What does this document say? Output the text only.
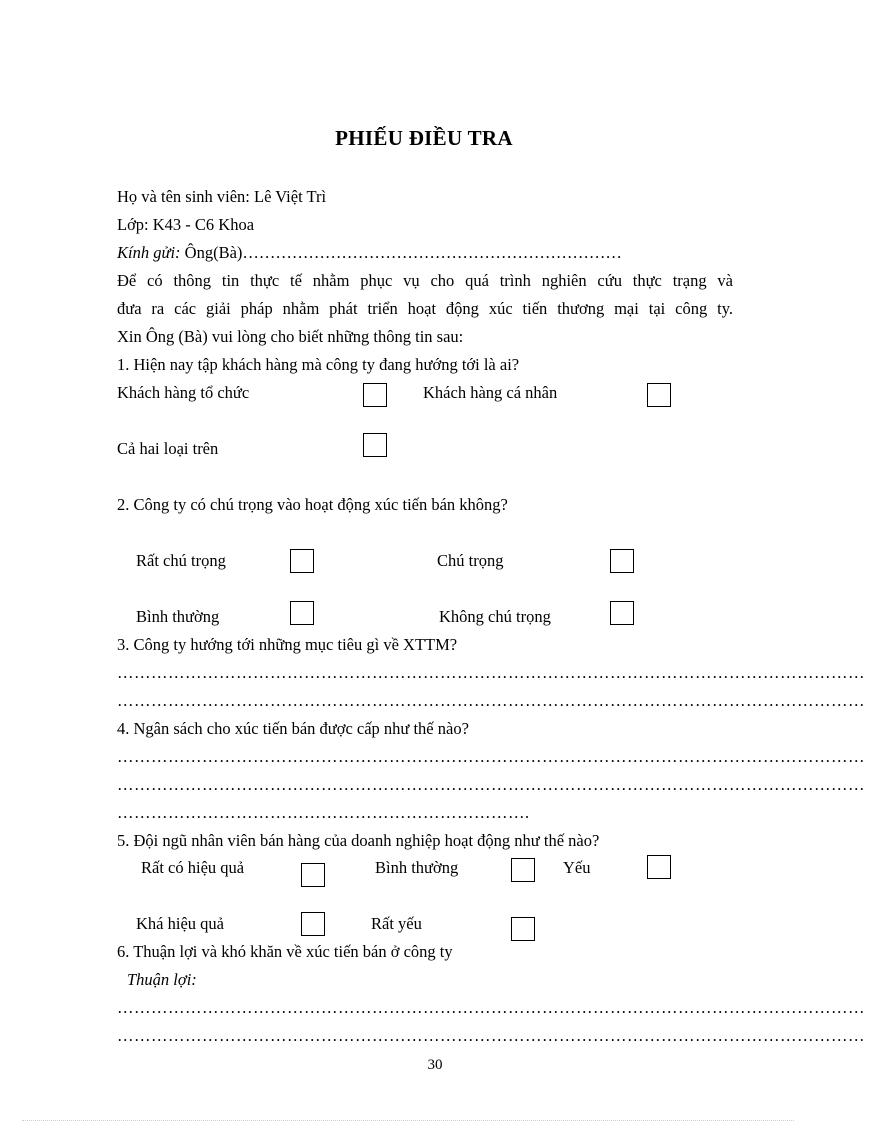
PHIẾU ĐIỀU TRA
Họ và tên sinh viên: Lê Việt Trì
Lớp: K43 - C6 Khoa
Kính gửi: Ông(Bà)……………………………………………………………
Để có thông tin thực tế nhằm phục vụ cho quá trình nghiên cứu thực trạng và
đưa ra các giải pháp nhằm phát triển hoạt động xúc tiến thương mại tại công ty.
Xin Ông (Bà) vui lòng cho biết những thông tin sau:
1. Hiện nay tập khách hàng mà công ty đang hướng tới là ai?
Khách hàng tổ chức	Khách hàng cá nhân
Cả hai loại trên
2. Công ty có chú trọng vào hoạt động xúc tiến bán không?
Rất chú trọng	Chú trọng
Bình thường	Không chú trọng
3. Công ty hướng tới những mục tiêu gì về XTTM?
……………………………………………………………………………………………………………………
……………………………………………………………………………………………………………………
4. Ngân sách cho xúc tiến bán được cấp như thế nào?
……………………………………………………………………………………………………………………
……………………………………………………………………………………………………………………
……………………………………………………………….
5. Đội ngũ nhân viên bán hàng của doanh nghiệp hoạt động như thế nào?
Rất có hiệu quả	Bình thường	Yếu
Khá hiệu quả	Rất yếu
6. Thuận lợi và khó khăn về xúc tiến bán ở công ty
Thuận lợi:
……………………………………………………………………………………………………………………
……………………………………………………………………………………………………………………
30
